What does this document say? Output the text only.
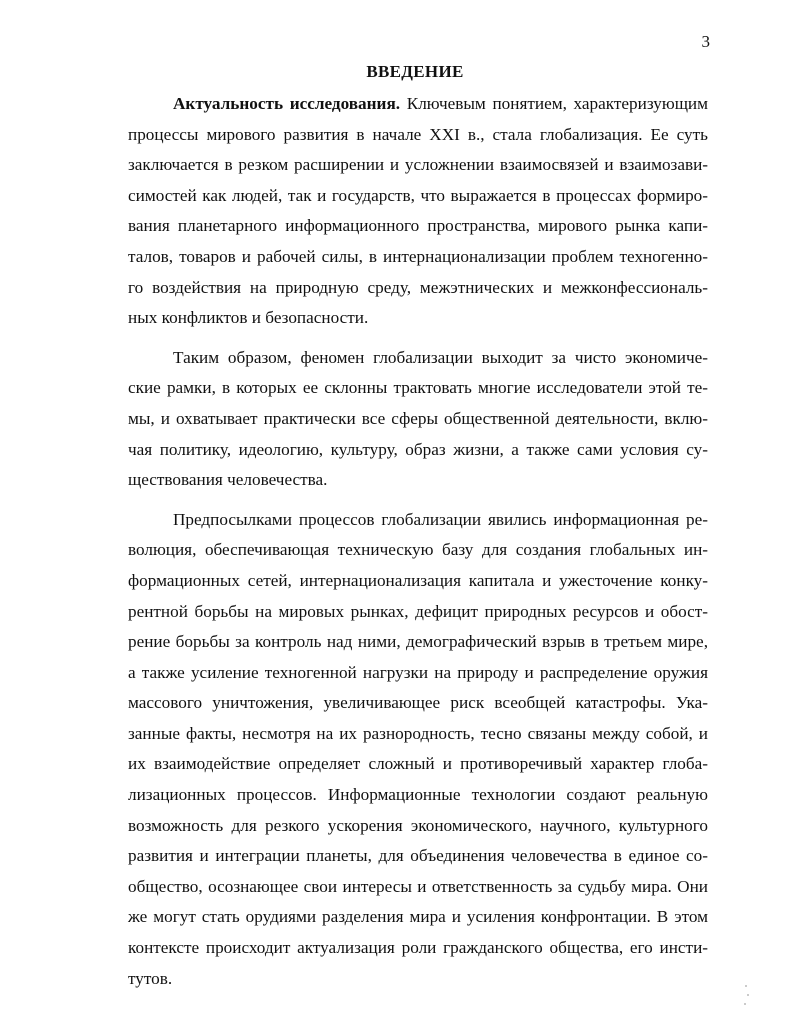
3
ВВЕДЕНИЕ
Актуальность исследования. Ключевым понятием, характеризующим
процессы мирового развития в начале XXI в., стала глобализация. Ее суть
заключается в резком расширении и усложнении взаимосвязей и взаимозави-
симостей как людей, так и государств, что выражается в процессах формиро-
вания планетарного информационного пространства, мирового рынка капи-
талов, товаров и рабочей силы, в интернационализации проблем техногенно-
го воздействия на природную среду, межэтнических и межконфессиональ-
ных конфликтов и безопасности.
Таким образом, феномен глобализации выходит за чисто экономиче-
ские рамки, в которых ее склонны трактовать многие исследователи этой те-
мы, и охватывает практически все сферы общественной деятельности, вклю-
чая политику, идеологию, культуру, образ жизни, а также сами условия су-
ществования человечества.
Предпосылками процессов глобализации явились информационная ре-
волюция, обеспечивающая техническую базу для создания глобальных ин-
формационных сетей, интернационализация капитала и ужесточение конку-
рентной борьбы на мировых рынках, дефицит природных ресурсов и обост-
рение борьбы за контроль над ними, демографический взрыв в третьем мире,
а также усиление техногенной нагрузки на природу и распределение оружия
массового уничтожения, увеличивающее риск всеобщей катастрофы. Ука-
занные факты, несмотря на их разнородность, тесно связаны между собой, и
их взаимодействие определяет сложный и противоречивый характер глоба-
лизационных процессов. Информационные технологии создают реальную
возможность для резкого ускорения экономического, научного, культурного
развития и интеграции планеты, для объединения человечества в единое со-
общество, осознающее свои интересы и ответственность за судьбу мира. Они
же могут стать орудиями разделения мира и усиления конфронтации. В этом
контексте происходит актуализация роли гражданского общества, его инсти-
тутов.
